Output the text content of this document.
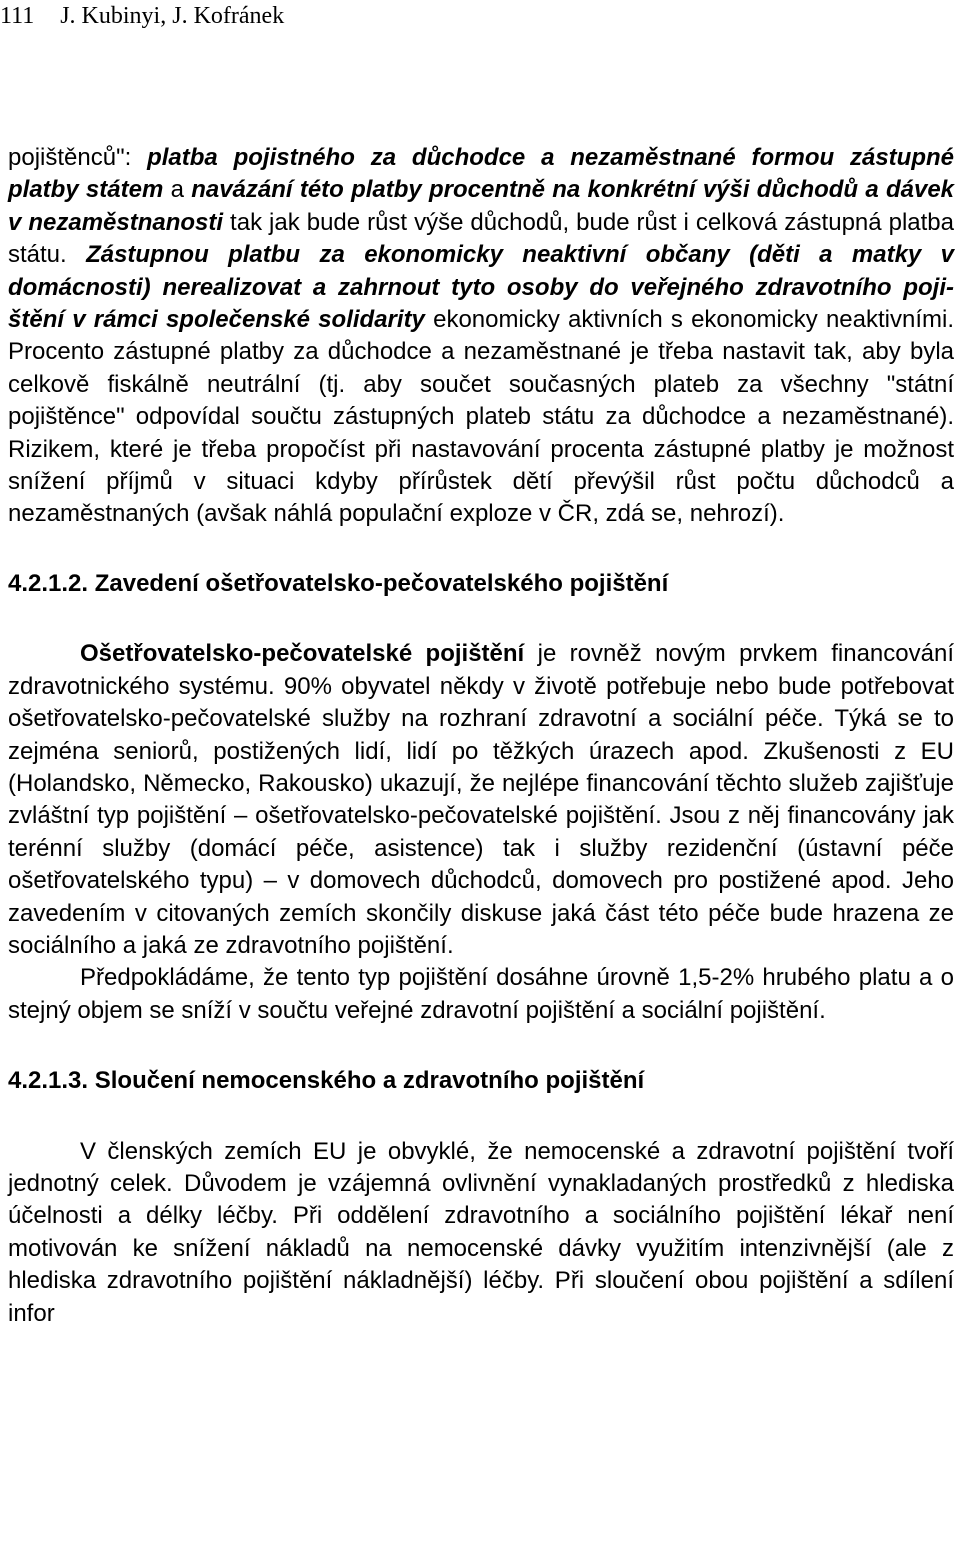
111 J. Kubinyi, J. Kofránek

pojištěnců": platba pojistného za důchodce a nezaměstnané formou zástupné platby státem a navázání této platby procentně na konkrétní výši důchodů a dávek v nezaměstnanosti tak jak bude růst výše důchodů, bude růst i celková zástupná platba státu. Zástupnou platbu za ekonomicky neaktivní občany (děti a matky v domácnosti) nerealizovat a zahrnout tyto osoby do veřejného zdravotního pojištění v rámci společenské solidarity ekonomicky aktivních s ekonomicky neaktivními. Procento zástupné platby za důchodce a nezaměstnané je třeba nastavit tak, aby byla celkově fiskálně neutrální (tj. aby součet současných plateb za všechny "státní pojištěnce" odpovídal součtu zástupných plateb státu za důchodce a nezaměstnané). Rizikem, které je třeba propočíst při nastavování procenta zástupné platby je možnost snížení příjmů v situaci kdyby přírůstek dětí převýšil růst počtu důchodců a nezaměstnaných (avšak náhlá populační exploze v ČR, zdá se, nehrozí).

4.2.1.2. Zavedení ošetřovatelsko-pečovatelského pojištění

Ošetřovatelsko-pečovatelské pojištění je rovněž novým prvkem financování zdravotnického systému. 90% obyvatel někdy v životě potřebuje nebo bude potřebovat ošetřovatelsko-pečovatelské služby na rozhraní zdravotní a sociální péče. Týká se to zejména seniorů, postižených lidí, lidí po těžkých úrazech apod. Zkušenosti z EU (Holandsko, Německo, Rakousko) ukazují, že nejlépe financování těchto služeb zajišťuje zvláštní typ pojištění – ošetřovatelsko-pečovatelské pojištění. Jsou z něj financovány jak terénní služby (domácí péče, asistence) tak i služby rezidenční (ústavní péče ošetřovatelského typu) – v domovech důchodců, domovech pro postižené apod. Jeho zavedením v citovaných zemích skončily diskuse jaká část této péče bude hrazena ze sociálního a jaká ze zdravotního pojištění.

Předpokládáme, že tento typ pojištění dosáhne úrovně 1,5-2% hrubého platu a o stejný objem se sníží v součtu veřejné zdravotní pojištění a sociální pojištění.

4.2.1.3. Sloučení nemocenského a zdravotního pojištění

V členských zemích EU je obvyklé, že nemocenské a zdravotní pojištění tvoří jednotný celek. Důvodem je vzájemná ovlivnění vynakladaných prostředků z hlediska účelnosti a délky léčby. Při oddělení zdravotního a sociálního pojištění lékař není motivován ke snížení nákladů na nemocenské dávky využitím intenzivnější (ale z hlediska zdravotního pojištění nákladnější) léčby. Při sloučení obou pojištění a sdílení infor
